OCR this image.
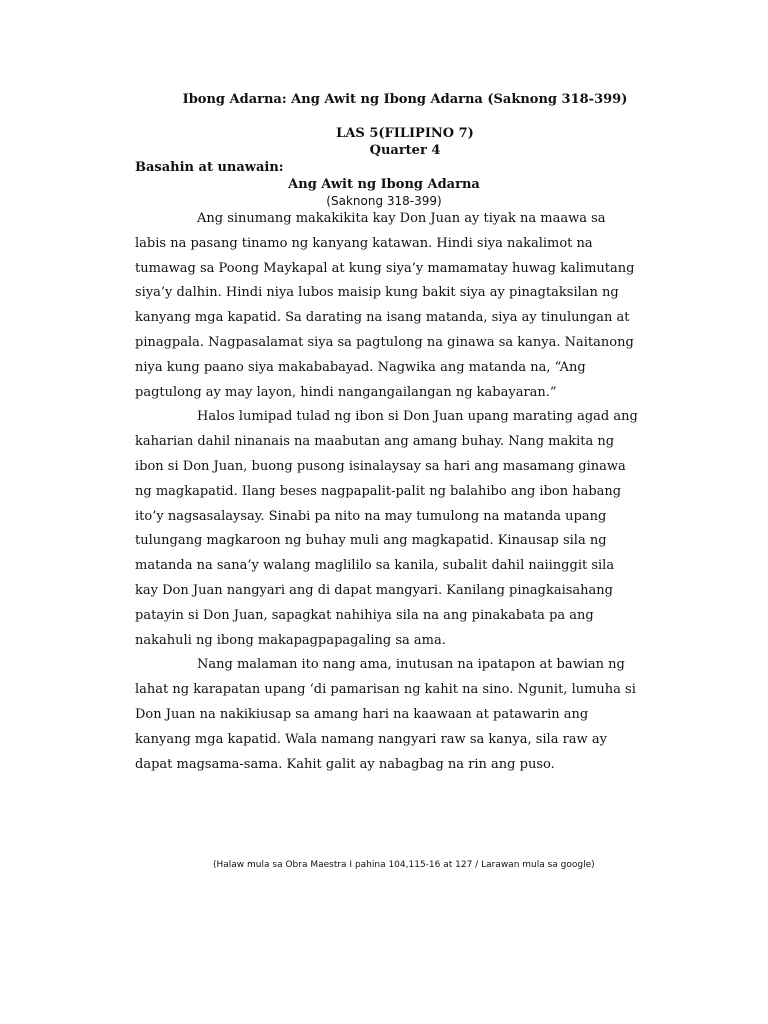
Ibong Adarna: Ang Awit ng Ibong Adarna (Saknong 318-399)
LAS 5(FILIPINO 7)
Quarter 4
Basahin at unawain:
Ang Awit ng Ibong Adarna
(Saknong 318-399)

Ang sinumang makakikita kay Don Juan ay tiyak na maawa sa labis na pasang tinamo ng kanyang katawan. Hindi siya nakalimot na tumawag sa Poong Maykapal at kung siya’y mamamatay huwag kalimutang siya’y dalhin. Hindi niya lubos maisip kung bakit siya ay pinagtaksilan ng kanyang mga kapatid. Sa darating na isang matanda, siya ay tinulungan at pinagpala. Nagpasalamat siya sa pagtulong na ginawa sa kanya. Naitanong niya kung paano siya makababayad. Nagwika ang matanda na, “Ang pagtulong ay may layon, hindi nangangailangan ng kabayaran.”

Halos lumipad tulad ng ibon si Don Juan upang marating agad ang kaharian dahil ninanais na maabutan ang amang buhay. Nang makita ng ibon si Don Juan, buong pusong isinalaysay sa hari ang masamang ginawa ng magkapatid. Ilang beses nagpapalit-palit ng balahibo ang ibon habang ito’y nagsasalaysay. Sinabi pa nito na may tumulong na matanda upang tulungang magkaroon ng buhay muli ang magkapatid. Kinausap sila ng matanda na sana’y walang maglililo sa kanila, subalit dahil naiinggit sila kay Don Juan nangyari ang di dapat mangyari. Kanilang pinagkaisahang patayin si Don Juan, sapagkat nahihiya sila na ang pinakabata pa ang nakahuli ng ibong makapagpapagaling sa ama.

Nang malaman ito nang ama, inutusan na ipatapon at bawian ng lahat ng karapatan upang ‘di pamarisan ng kahit na sino. Ngunit, lumuha si Don Juan na nakikiusap sa amang hari na kaawaan at patawarin ang kanyang mga kapatid. Wala namang nangyari raw sa kanya, sila raw ay dapat magsama-sama. Kahit galit ay nabagbag na rin ang puso.

(Halaw mula sa Obra Maestra I pahina 104,115-16 at 127 / Larawan mula sa google)
